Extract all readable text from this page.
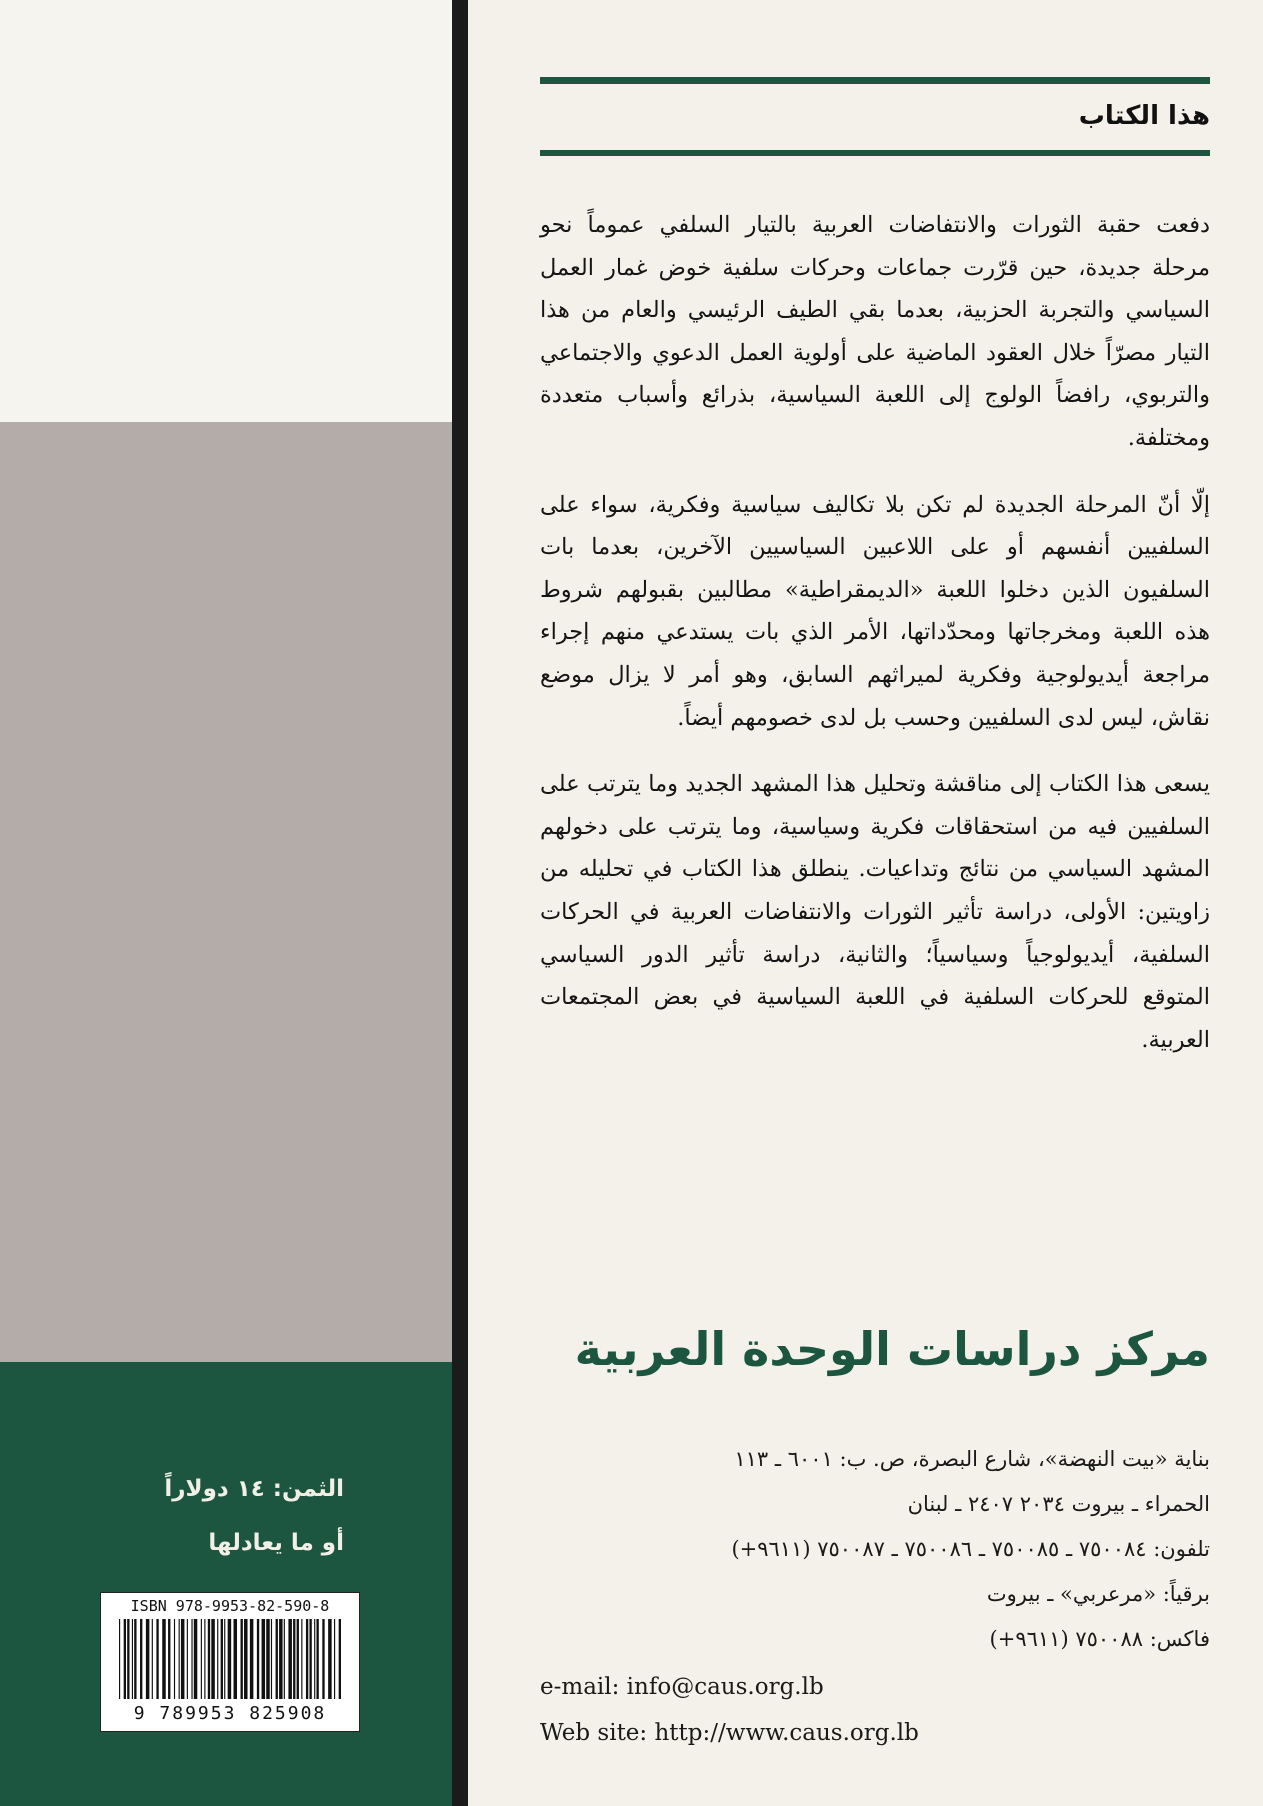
الثمن: ١٤ دولاراً
أو ما يعادلها
ISBN 978-9953-82-590-8
9 789953 825908
هذا الكتاب

دفعت حقبة الثورات والانتفاضات العربية بالتيار السلفي عموماً نحو مرحلة جديدة، حين قرّرت جماعات وحركات سلفية خوض غمار العمل السياسي والتجربة الحزبية، بعدما بقي الطيف الرئيسي والعام من هذا التيار مصرّاً خلال العقود الماضية على أولوية العمل الدعوي والاجتماعي والتربوي، رافضاً الولوج إلى اللعبة السياسية، بذرائع وأسباب متعددة ومختلفة.

إلّا أنّ المرحلة الجديدة لم تكن بلا تكاليف سياسية وفكرية، سواء على السلفيين أنفسهم أو على اللاعبين السياسيين الآخرين، بعدما بات السلفيون الذين دخلوا اللعبة «الديمقراطية» مطالبين بقبولهم شروط هذه اللعبة ومخرجاتها ومحدّداتها، الأمر الذي بات يستدعي منهم إجراء مراجعة أيديولوجية وفكرية لميراثهم السابق، وهو أمر لا يزال موضع نقاش، ليس لدى السلفيين وحسب بل لدى خصومهم أيضاً.

يسعى هذا الكتاب إلى مناقشة وتحليل هذا المشهد الجديد وما يترتب على السلفيين فيه من استحقاقات فكرية وسياسية، وما يترتب على دخولهم المشهد السياسي من نتائج وتداعيات. ينطلق هذا الكتاب في تحليله من زاويتين: الأولى، دراسة تأثير الثورات والانتفاضات العربية في الحركات السلفية، أيديولوجياً وسياسياً؛ والثانية، دراسة تأثير الدور السياسي المتوقع للحركات السلفية في اللعبة السياسية في بعض المجتمعات العربية.

مركز دراسات الوحدة العربية
بناية «بيت النهضة»، شارع البصرة، ص. ب: ٦٠٠١ ـ ١١٣
الحمراء ـ بيروت ٢٠٣٤ ٢٤٠٧ ـ لبنان
تلفون: ٧٥٠٠٨٤ ـ ٧٥٠٠٨٥ ـ ٧٥٠٠٨٦ ـ ٧٥٠٠٨٧ (٩٦١١+)
برقياً: «مرعربي» ـ بيروت
فاكس: ٧٥٠٠٨٨ (٩٦١١+)
e-mail: info@caus.org.lb
Web site: http://www.caus.org.lb
